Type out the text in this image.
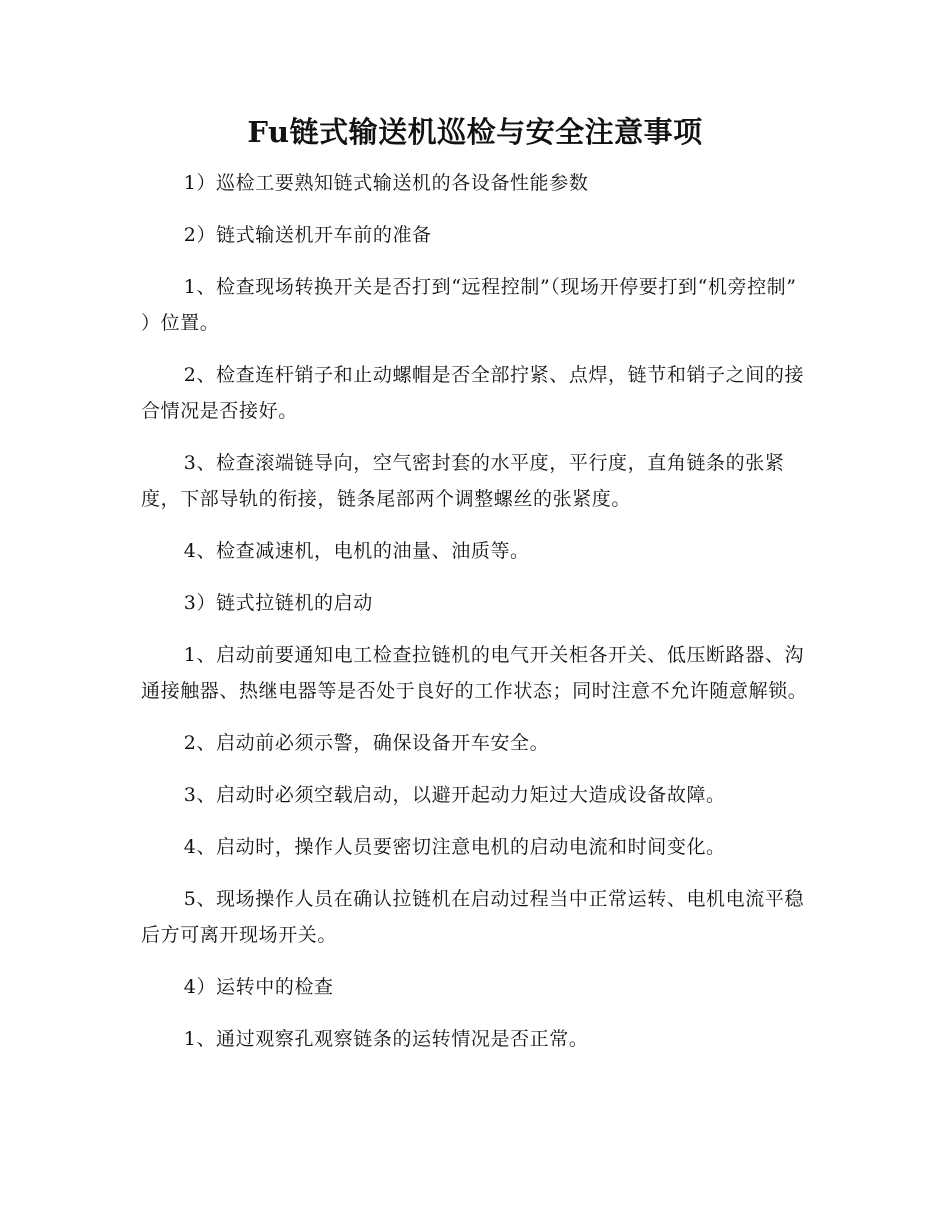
Fu链式输送机巡检与安全注意事项

1）巡检工要熟知链式输送机的各设备性能参数

2）链式输送机开车前的准备

1、检查现场转换开关是否打到“远程控制”（现场开停要打到“机旁控制” ）位置。

2、检查连杆销子和止动螺帽是否全部拧紧、点焊，链节和销子之间的接合情况是否接好。

3、检查滚端链导向，空气密封套的水平度，平行度，直角链条的张紧度，下部导轨的衔接，链条尾部两个调整螺丝的张紧度。

4、检查减速机，电机的油量、油质等。

3）链式拉链机的启动

1、启动前要通知电工检查拉链机的电气开关柜各开关、低压断路器、沟通接触器、热继电器等是否处于良好的工作状态；同时注意不允许随意解锁。

2、启动前必须示警，确保设备开车安全。

3、启动时必须空载启动，以避开起动力矩过大造成设备故障。

4、启动时，操作人员要密切注意电机的启动电流和时间变化。

5、现场操作人员在确认拉链机在启动过程当中正常运转、电机电流平稳后方可离开现场开关。

4）运转中的检查

1、通过观察孔观察链条的运转情况是否正常。
